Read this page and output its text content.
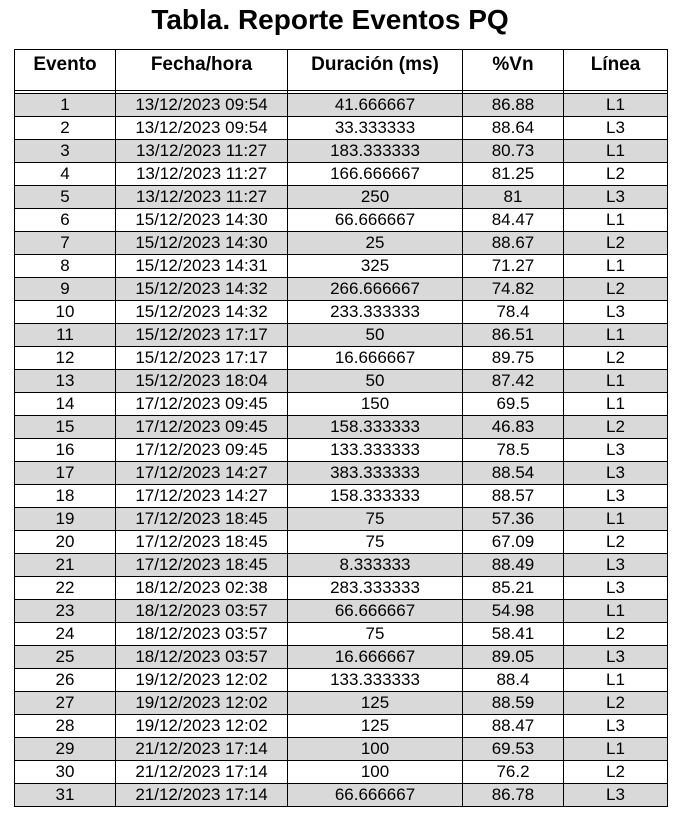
Tabla. Reporte Eventos PQ
Evento	Fecha/hora	Duración (ms)	%Vn	Línea

1	13/12/2023 09:54	41.666667	86.88	L1
2	13/12/2023 09:54	33.333333	88.64	L3
3	13/12/2023 11:27	183.333333	80.73	L1
4	13/12/2023 11:27	166.666667	81.25	L2
5	13/12/2023 11:27	250	81	L3
6	15/12/2023 14:30	66.666667	84.47	L1
7	15/12/2023 14:30	25	88.67	L2
8	15/12/2023 14:31	325	71.27	L1
9	15/12/2023 14:32	266.666667	74.82	L2
10	15/12/2023 14:32	233.333333	78.4	L3
11	15/12/2023 17:17	50	86.51	L1
12	15/12/2023 17:17	16.666667	89.75	L2
13	15/12/2023 18:04	50	87.42	L1
14	17/12/2023 09:45	150	69.5	L1
15	17/12/2023 09:45	158.333333	46.83	L2
16	17/12/2023 09:45	133.333333	78.5	L3
17	17/12/2023 14:27	383.333333	88.54	L3
18	17/12/2023 14:27	158.333333	88.57	L3
19	17/12/2023 18:45	75	57.36	L1
20	17/12/2023 18:45	75	67.09	L2
21	17/12/2023 18:45	8.333333	88.49	L3
22	18/12/2023 02:38	283.333333	85.21	L3
23	18/12/2023 03:57	66.666667	54.98	L1
24	18/12/2023 03:57	75	58.41	L2
25	18/12/2023 03:57	16.666667	89.05	L3
26	19/12/2023 12:02	133.333333	88.4	L1
27	19/12/2023 12:02	125	88.59	L2
28	19/12/2023 12:02	125	88.47	L3
29	21/12/2023 17:14	100	69.53	L1
30	21/12/2023 17:14	100	76.2	L2
31	21/12/2023 17:14	66.666667	86.78	L3
